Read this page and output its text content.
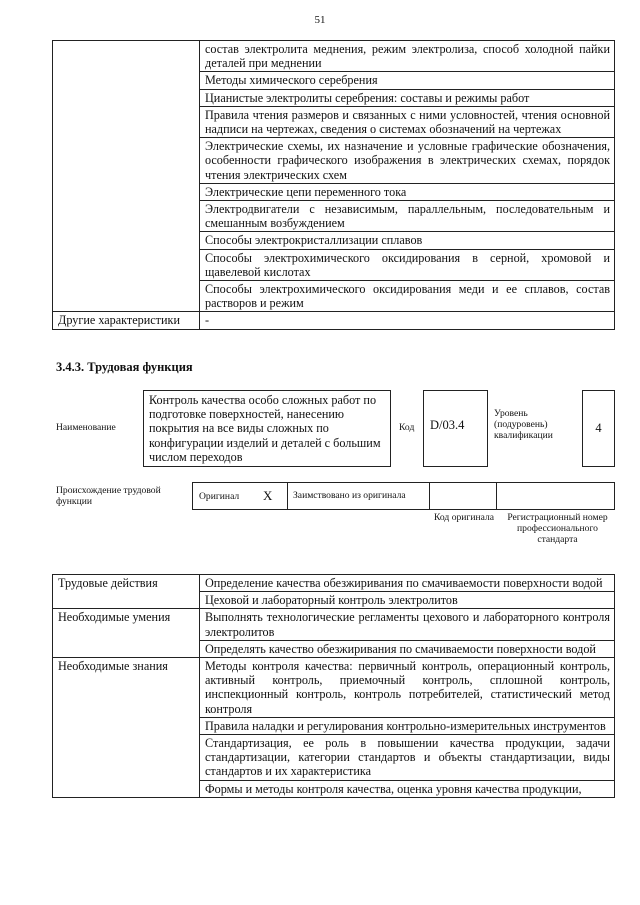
51
	состав электролита меднения, режим электролиза, способ холодной пайки деталей при меднении
	Методы химического серебрения
	Цианистые электролиты серебрения: составы и режимы работ
	Правила чтения размеров и связанных с ними условностей, чтения основной надписи на чертежах, сведения о системах обозначений на чертежах
	Электрические схемы, их назначение и условные графические обозначения, особенности графического изображения в электрических схемах, порядок чтения электрических схем
	Электрические цепи переменного тока
	Электродвигатели с независимым, параллельным, последовательным и смешанным возбуждением
	Способы электрокристаллизации сплавов
	Способы электрохимического оксидирования в серной, хромовой и щавелевой кислотах
	Способы электрохимического оксидирования меди и ее сплавов, состав растворов и режим
Другие характеристики	-
3.4.3. Трудовая функция
Наименование
Контроль качества особо сложных работ по подготовке поверхностей, нанесению покрытия на все виды сложных по конфигурации изделий и деталей с большим числом переходов
Код	D/03.4
Уровень (подуровень) квалификации
4
Происхождение трудовой функции	Оригинал X	Заимствовано из оригинала
Код оригинала Регистрационный номер профессионального стандарта
Трудовые действия	Определение качества обезжиривания по смачиваемости поверхности водой
	Цеховой и лабораторный контроль электролитов
Необходимые умения	Выполнять технологические регламенты цехового и лабораторного контроля электролитов
	Определять качество обезжиривания по смачиваемости поверхности водой
Необходимые знания	Методы контроля качества: первичный контроль, операционный контроль, активный контроль, приемочный контроль, сплошной контроль, инспекционный контроль, контроль потребителей, статистический метод контроля
	Правила наладки и регулирования контрольно-измерительных инструментов
	Стандартизация, ее роль в повышении качества продукции, задачи стандартизации, категории стандартов и объекты стандартизации, виды стандартов и их характеристика
	Формы и методы контроля качества, оценка уровня качества продукции,
